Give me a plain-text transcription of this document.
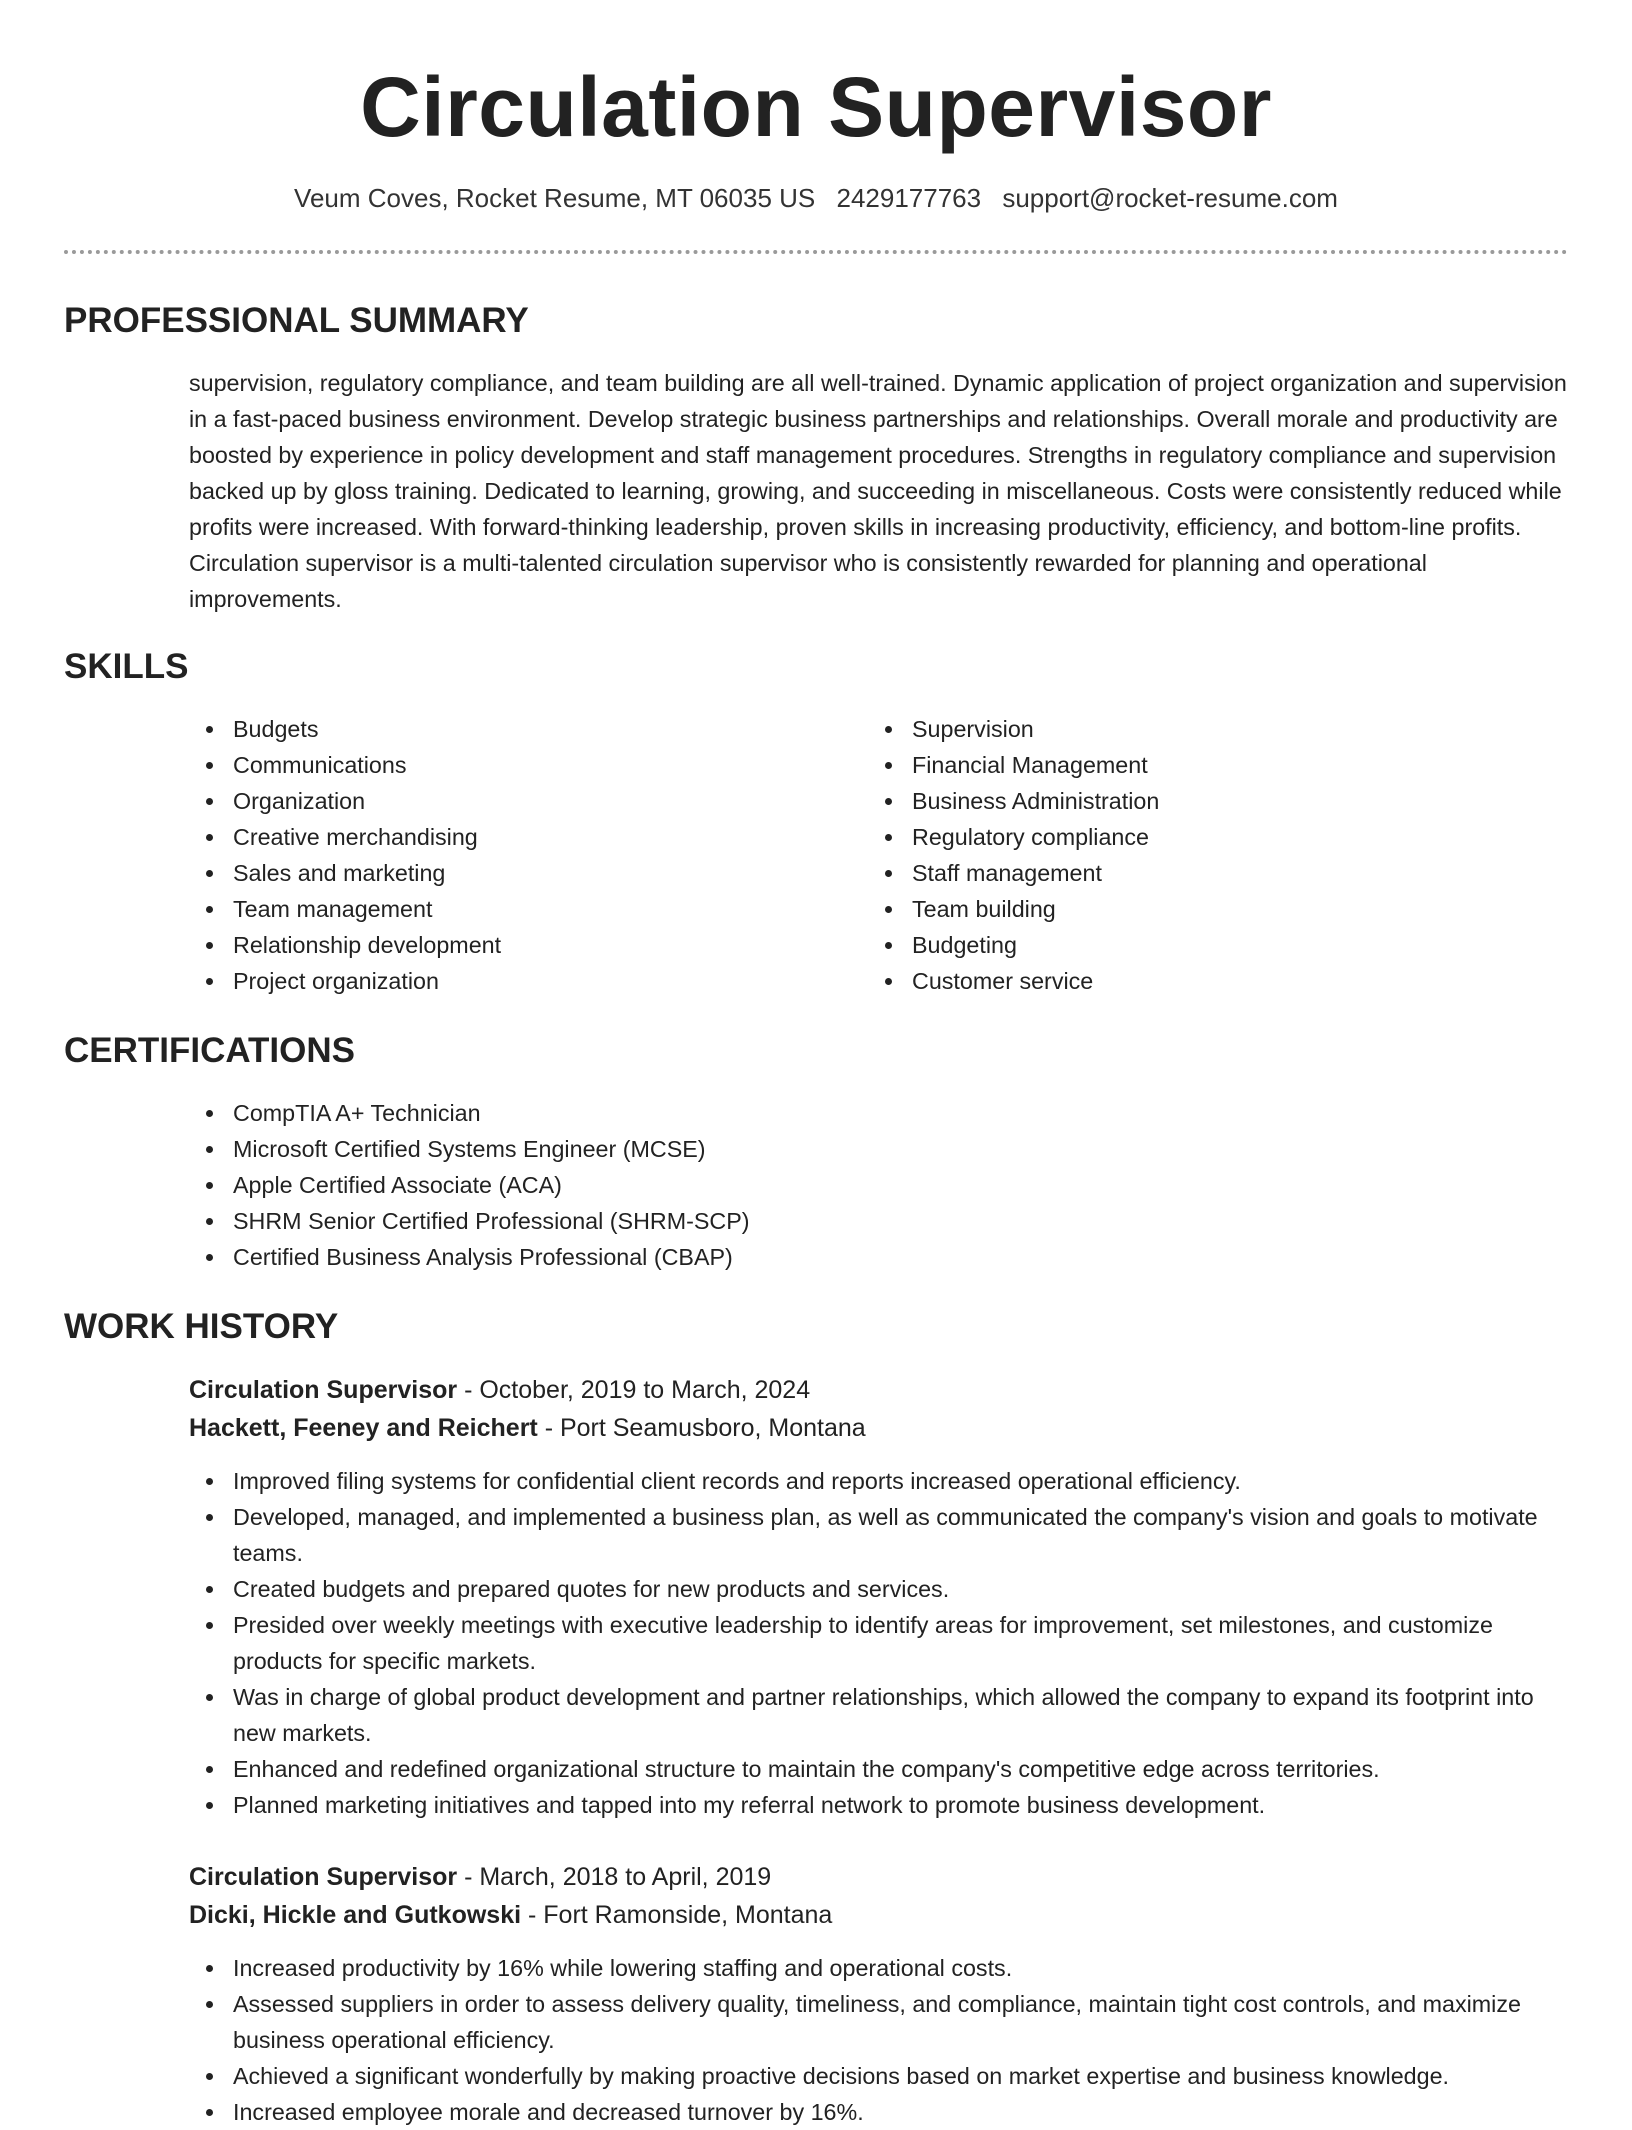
Circulation Supervisor
Veum Coves, Rocket Resume, MT 06035 US 2429177763 support@rocket-resume.com
PROFESSIONAL SUMMARY

supervision, regulatory compliance, and team building are all well-trained. Dynamic application of project organization and supervision in a fast-paced business environment. Develop strategic business partnerships and relationships. Overall morale and productivity are boosted by experience in policy development and staff management procedures. Strengths in regulatory compliance and supervision backed up by gloss training. Dedicated to learning, growing, and succeeding in miscellaneous. Costs were consistently reduced while profits were increased. With forward-thinking leadership, proven skills in increasing productivity, efficiency, and bottom-line profits. Circulation supervisor is a multi-talented circulation supervisor who is consistently rewarded for planning and operational improvements.

SKILLS
Budgets
Communications
Organization
Creative merchandising
Sales and marketing
Team management
Relationship development
Project organization
Supervision
Financial Management
Business Administration
Regulatory compliance
Staff management
Team building
Budgeting
Customer service
CERTIFICATIONS
CompTIA A+ Technician
Microsoft Certified Systems Engineer (MCSE)
Apple Certified Associate (ACA)
SHRM Senior Certified Professional (SHRM-SCP)
Certified Business Analysis Professional (CBAP)
WORK HISTORY
Circulation Supervisor - October, 2019 to March, 2024
Hackett, Feeney and Reichert - Port Seamusboro, Montana
Improved filing systems for confidential client records and reports increased operational efficiency.
Developed, managed, and implemented a business plan, as well as communicated the company's vision and goals to motivate teams.
Created budgets and prepared quotes for new products and services.
Presided over weekly meetings with executive leadership to identify areas for improvement, set milestones, and customize products for specific markets.
Was in charge of global product development and partner relationships, which allowed the company to expand its footprint into new markets.
Enhanced and redefined organizational structure to maintain the company's competitive edge across territories.
Planned marketing initiatives and tapped into my referral network to promote business development.
Circulation Supervisor - March, 2018 to April, 2019
Dicki, Hickle and Gutkowski - Fort Ramonside, Montana
Increased productivity by 16% while lowering staffing and operational costs.
Assessed suppliers in order to assess delivery quality, timeliness, and compliance, maintain tight cost controls, and maximize business operational efficiency.
Achieved a significant wonderfully by making proactive decisions based on market expertise and business knowledge.
Increased employee morale and decreased turnover by 16%.
